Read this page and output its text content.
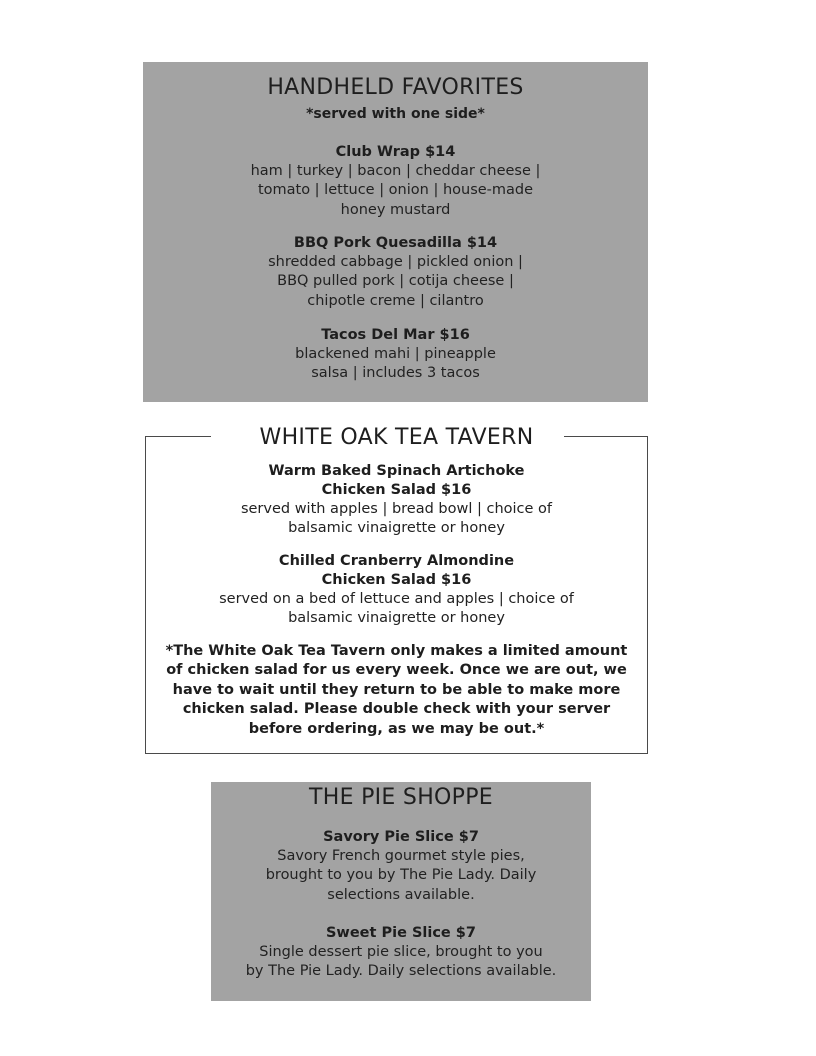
HANDHELD FAVORITES
*served with one side*
Club Wrap $14
ham | turkey | bacon | cheddar cheese |
tomato | lettuce | onion | house-made
honey mustard
BBQ Pork Quesadilla $14
shredded cabbage | pickled onion |
BBQ pulled pork | cotija cheese |
chipotle creme | cilantro
Tacos Del Mar $16
blackened mahi | pineapple
salsa | includes 3 tacos
WHITE OAK TEA TAVERN
Warm Baked Spinach Artichoke
Chicken Salad $16
served with apples | bread bowl | choice of
balsamic vinaigrette or honey
Chilled Cranberry Almondine
Chicken Salad $16
served on a bed of lettuce and apples | choice of
balsamic vinaigrette or honey
*The White Oak Tea Tavern only makes a limited amount
of chicken salad for us every week. Once we are out, we
have to wait until they return to be able to make more
chicken salad. Please double check with your server
before ordering, as we may be out.*
THE PIE SHOPPE
Savory Pie Slice $7
Savory French gourmet style pies,
brought to you by The Pie Lady. Daily
selections available.
Sweet Pie Slice $7
Single dessert pie slice, brought to you
by The Pie Lady. Daily selections available.
